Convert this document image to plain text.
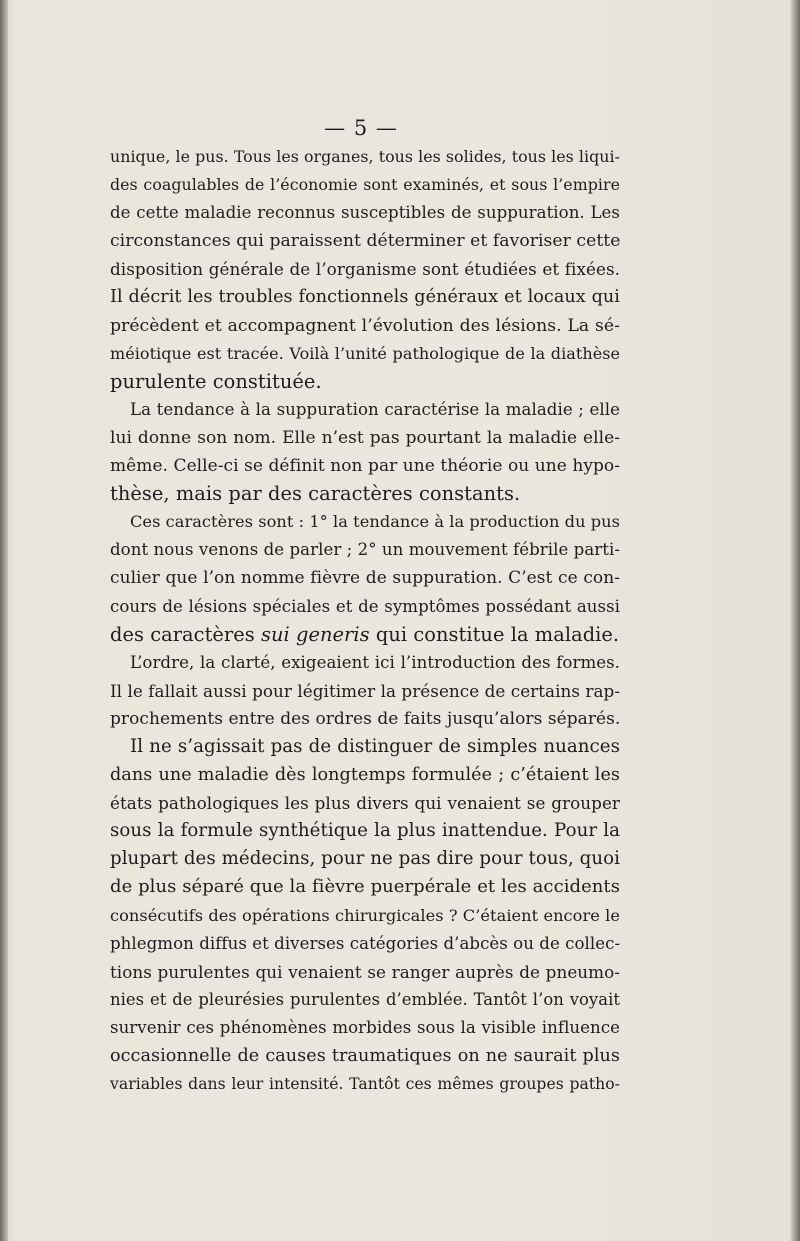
— 5 —
unique, le pus. Tous les organes, tous les solides, tous les liqui-
des coagulables de l’économie sont examinés, et sous l’empire
de cette maladie reconnus susceptibles de suppuration. Les
circonstances qui paraissent déterminer et favoriser cette
disposition générale de l’organisme sont étudiées et fixées.
Il décrit les troubles fonctionnels généraux et locaux qui
précèdent et accompagnent l’évolution des lésions. La sé-
méiotique est tracée. Voilà l’unité pathologique de la diathèse
purulente constituée.
La tendance à la suppuration caractérise la maladie ; elle
lui donne son nom. Elle n’est pas pourtant la maladie elle-
même. Celle-ci se définit non par une théorie ou une hypo-
thèse, mais par des caractères constants.
Ces caractères sont : 1° la tendance à la production du pus
dont nous venons de parler ; 2° un mouvement fébrile parti-
culier que l’on nomme fièvre de suppuration. C’est ce con-
cours de lésions spéciales et de symptômes possédant aussi
des caractères sui generis qui constitue la maladie.
L’ordre, la clarté, exigeaient ici l’introduction des formes.
Il le fallait aussi pour légitimer la présence de certains rap-
prochements entre des ordres de faits jusqu’alors séparés.
Il ne s’agissait pas de distinguer de simples nuances
dans une maladie dès longtemps formulée ; c’étaient les
états pathologiques les plus divers qui venaient se grouper
sous la formule synthétique la plus inattendue. Pour la
plupart des médecins, pour ne pas dire pour tous, quoi
de plus séparé que la fièvre puerpérale et les accidents
consécutifs des opérations chirurgicales ? C’étaient encore le
phlegmon diffus et diverses catégories d’abcès ou de collec-
tions purulentes qui venaient se ranger auprès de pneumo-
nies et de pleurésies purulentes d’emblée. Tantôt l’on voyait
survenir ces phénomènes morbides sous la visible influence
occasionnelle de causes traumatiques on ne saurait plus
variables dans leur intensité. Tantôt ces mêmes groupes patho-
